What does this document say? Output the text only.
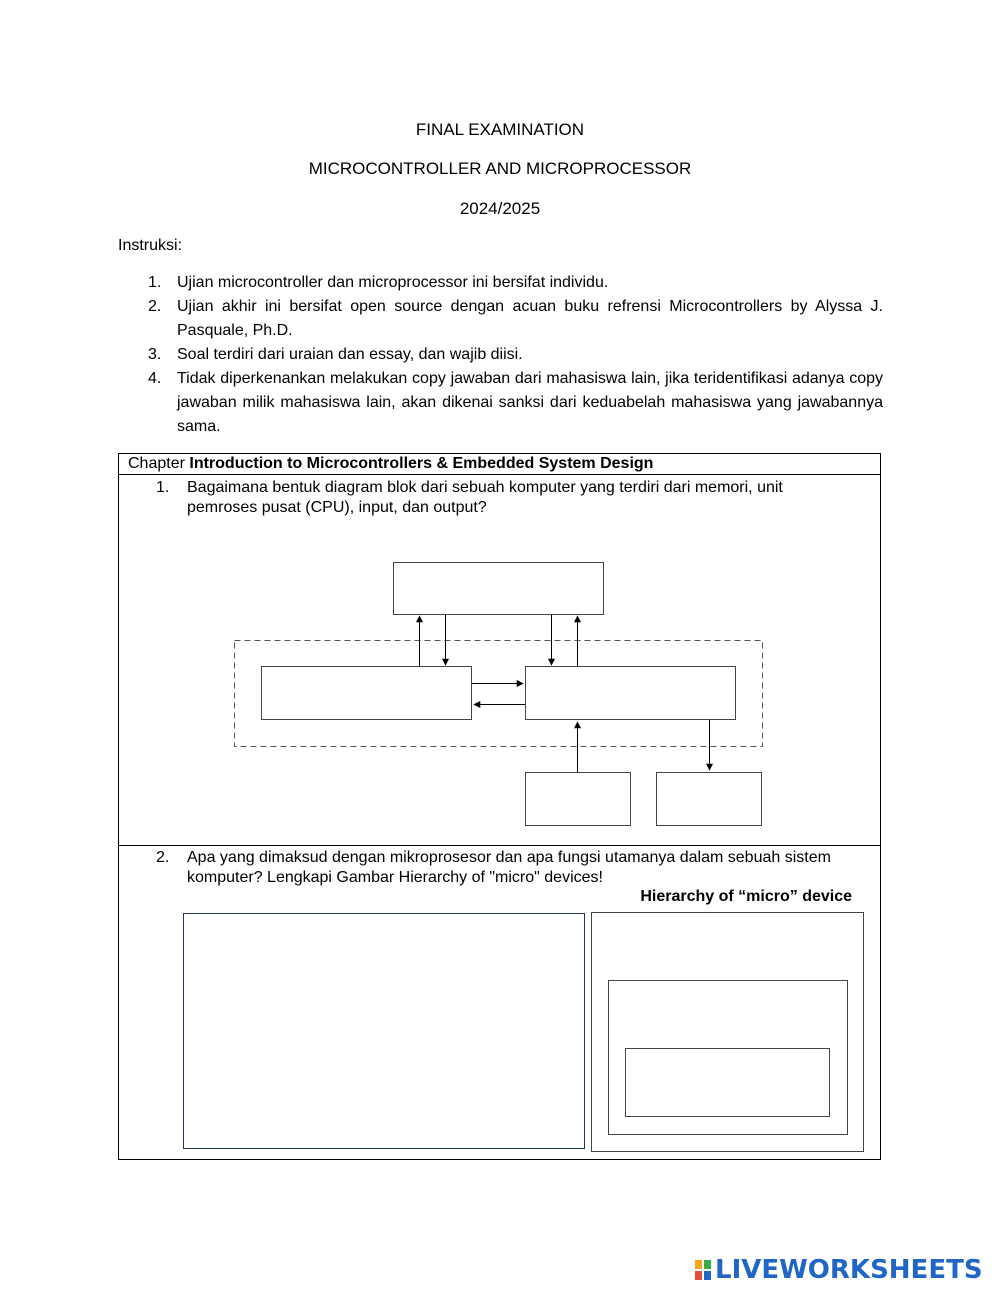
FINAL EXAMINATION
MICROCONTROLLER AND MICROPROCESSOR
2024/2025
Instruksi:
1. Ujian microcontroller dan microprocessor ini bersifat individu.
2. Ujian akhir ini bersifat open source dengan acuan buku refrensi Microcontrollers by Alyssa J. Pasquale, Ph.D.
3. Soal terdiri dari uraian dan essay, dan wajib diisi.
4. Tidak diperkenankan melakukan copy jawaban dari mahasiswa lain, jika teridentifikasi adanya copy jawaban milik mahasiswa lain, akan dikenai sanksi dari keduabelah mahasiswa yang jawabannya sama.
Chapter Introduction to Microcontrollers & Embedded System Design
1. Bagaimana bentuk diagram blok dari sebuah komputer yang terdiri dari memori, unit pemroses pusat (CPU), input, dan output?
2. Apa yang dimaksud dengan mikroprosesor dan apa fungsi utamanya dalam sebuah sistem komputer? Lengkapi Gambar Hierarchy of "micro" devices!
Hierarchy of “micro” device
LIVEWORKSHEETS
